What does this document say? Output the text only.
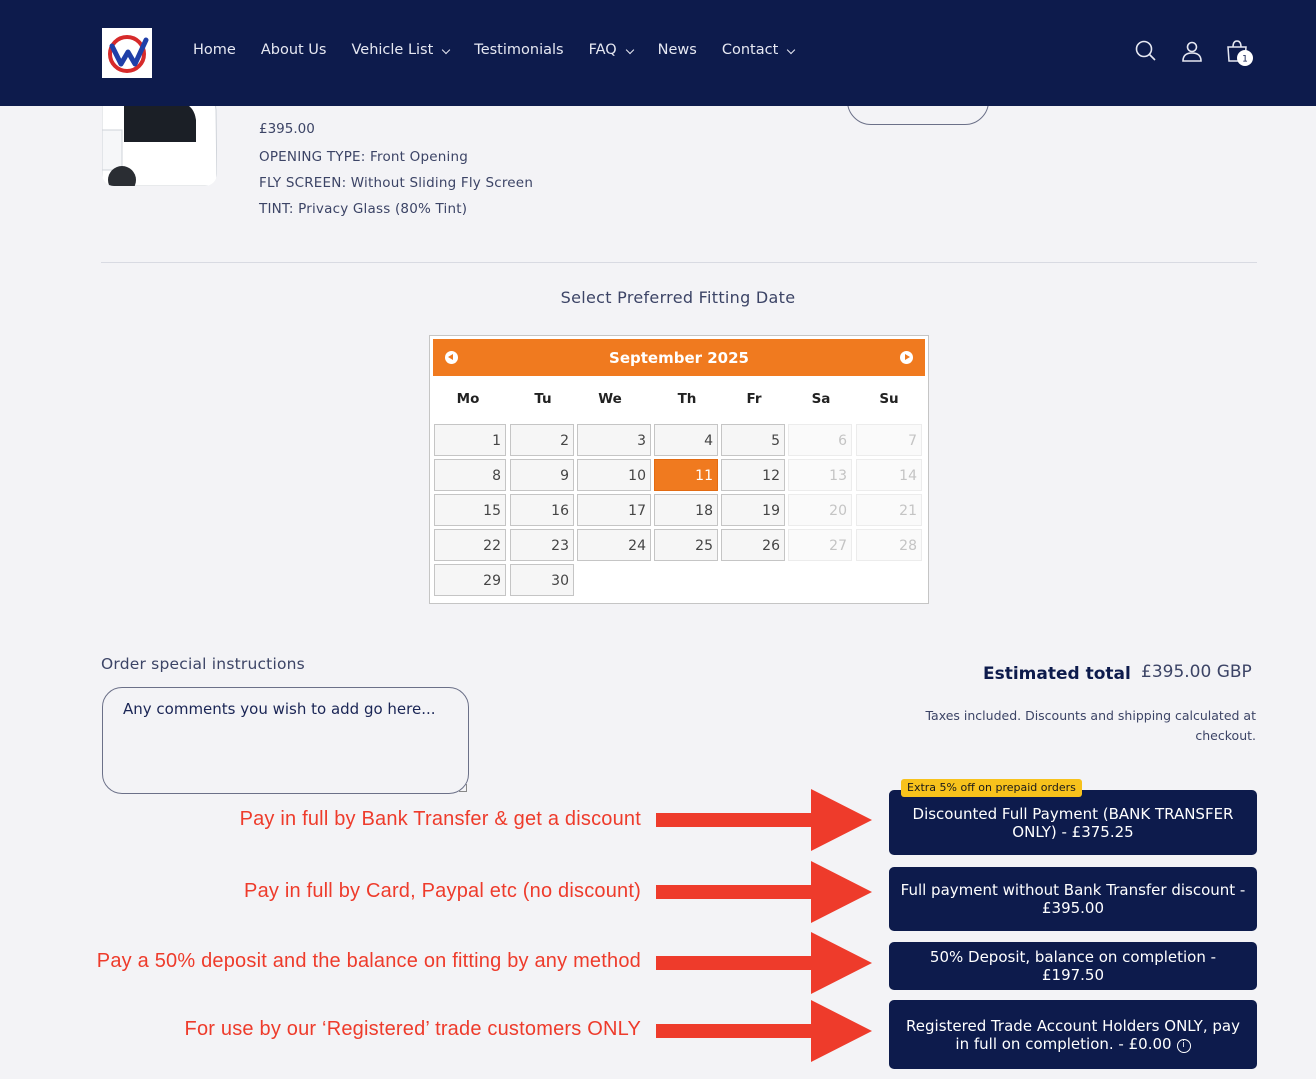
£395.00
OPENING TYPE: Front Opening
FLY SCREEN: Without Sliding Fly Screen
TINT: Privacy Glass (80% Tint)
Home About Us Vehicle List	Testimonials FAQ	News Contact
1
Select Preferred Fitting Date
September 2025
Mo	Tu	We	Th	Fr	Sa	Su
1	2	3	4	5	6	7
8	9	10	11	12	13	14
15	16	17	18	19	20	21
22	23	24	25	26	27	28
29	30
Order special instructions
Any comments you wish to add go here...	Estimated total £395.00 GBP
Taxes included. Discounts and shipping calculated at checkout.
Discounted Full Payment (BANK TRANSFER ONLY) - £375.25
Extra 5% off on prepaid orders
Full payment without Bank Transfer discount - £395.00
50% Deposit, balance on completion - £197.50
Registered Trade Account Holders ONLY, pay in full on completion. - £0.00 i
Pay in full by Bank Transfer & get a discount
Pay in full by Card, Paypal etc (no discount)
Pay a 50% deposit and the balance on fitting by any method
For use by our ‘Registered’ trade customers ONLY
